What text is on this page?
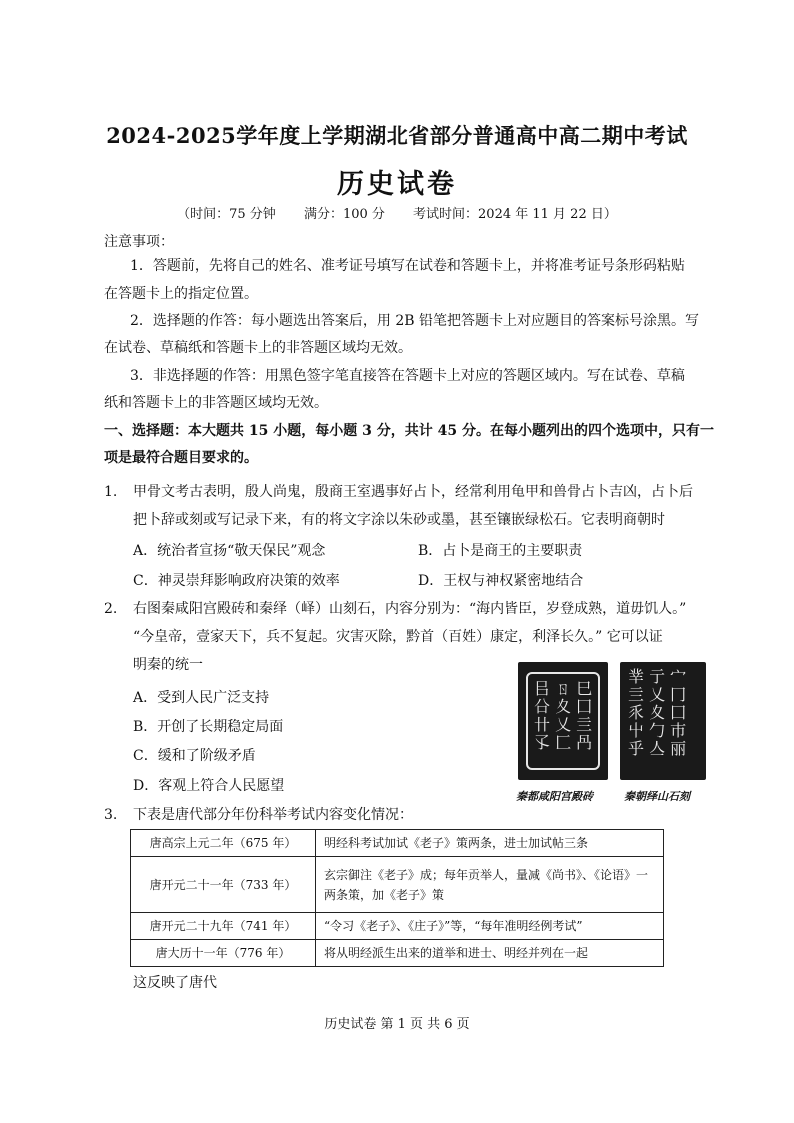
2024-2025学年度上学期湖北省部分普通高中高二期中考试
历史试卷
（时间：75 分钟 满分：100 分 考试时间：2024 年 11 月 22 日）
注意事项：
1．答题前，先将自己的姓名、准考证号填写在试卷和答题卡上，并将准考证号条形码粘贴
在答题卡上的指定位置。
2．选择题的作答：每小题选出答案后，用 2B 铅笔把答题卡上对应题目的答案标号涂黑。写
在试卷、草稿纸和答题卡上的非答题区域均无效。
3．非选择题的作答：用黑色签字笔直接答在答题卡上对应的答题区域内。写在试卷、草稿
纸和答题卡上的非答题区域均无效。
一、选择题：本大题共 15 小题，每小题 3 分，共计 45 分。在每小题列出的四个选项中，只有一
项是最符合题目要求的。
1. 甲骨文考古表明，殷人尚鬼，殷商王室遇事好占卜，经常利用龟甲和兽骨占卜吉凶，占卜后
把卜辞或刻或写记录下来，有的将文字涂以朱砂或墨，甚至镶嵌绿松石。它表明商朝时
A．统治者宣扬“敬天保民”观念	B．占卜是商王的主要职责
C．神灵崇拜影响政府决策的效率	D．王权与神权紧密地结合
2. 右图秦咸阳宫殿砖和秦绎（峄）山刻石，内容分别为：“海内皆臣，岁登成熟，道毋饥人。”
“今皇帝，壹家天下，兵不复起。灾害灭除，黔首（百姓）康定，利泽长久。” 它可以证
明秦的统一
A．受到人民广泛支持
B．开创了长期稳定局面
C．缓和了阶级矛盾
D．客观上符合人民愿望
㠯 ㄖ 巳
㕣 夊 囗
卄 乂 亖
孓 匚 冎
丵 亍 宀
亖 乂 冂
乑 夊 囗
屮 勹 巿
乎 亼 丽
秦都咸阳宫殿砖	秦朝绎山石刻
3. 下表是唐代部分年份科举考试内容变化情况：
唐高宗上元二年（675 年）	明经科考试加试《老子》策两条，进士加试帖三条
唐开元二十一年（733 年）	玄宗御注《老子》成；每年贡举人，量减《尚书》、《论语》一两条策，加《老子》策
唐开元二十九年（741 年）	“令习《老子》、《庄子》”等，“每年准明经例考试”
唐大历十一年（776 年）	将从明经派生出来的道举和进士、明经并列在一起
这反映了唐代
历史试卷 第 1 页 共 6 页
